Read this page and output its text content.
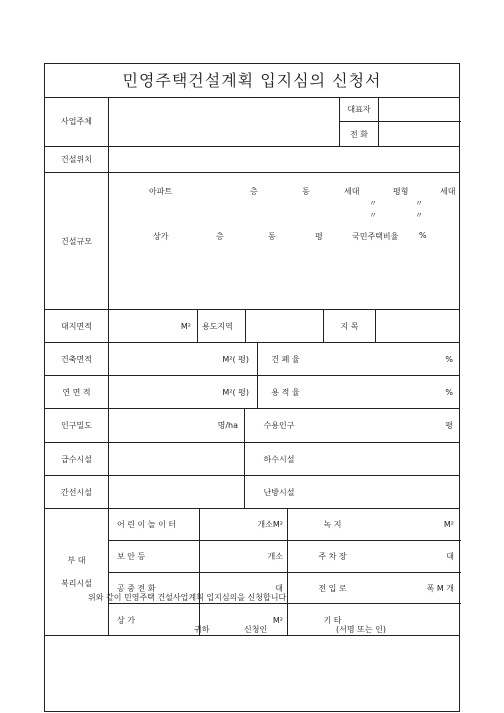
민영주택건설계획 입지심의 신청서
사업주체
대표자
전 화
건설위치
건설규모
아파트	층	동	세대	평형	세대
〃	〃
〃	〃
상가	층	동	평	국민주택비율	%
대지면적	M²	용도지역	지 목
건축면적	M²( 평)	건 폐 율	%
연 면 적	M²( 평)	용 적 율	%
인구밀도	명/ha	수용인구	평
급수시설	하수시설
간선시설	난방시설
부 대
복리시설
어 린 이 놀 이 터	개소M²	녹 지	M²
보 안 등	개소	주 차 장	대
공 중 전 화	대	전 입 로	폭 M 개
상 가	M²	기 타
위와 같이 민영주택 건설사업계획 입지심의을 신청합니다.
귀하	신청인	(서명 또는 인)
